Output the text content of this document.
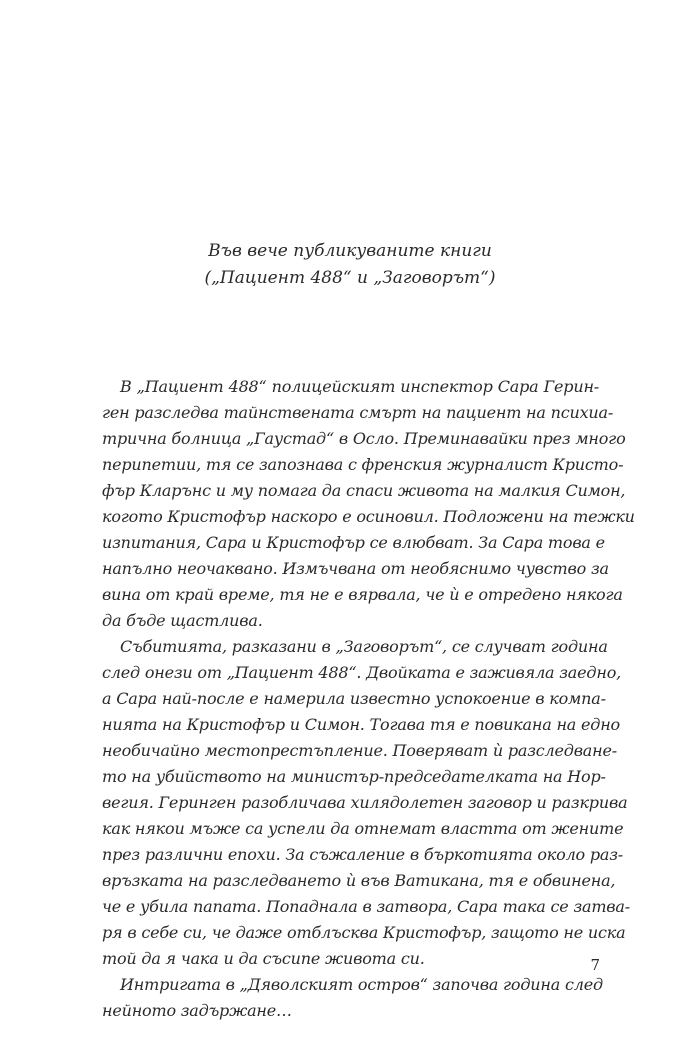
Във вече публикуваните книги
(„Пациент 488“ и „Заговорът“)
В „Пациент 488“ полицейският инспектор Сара Герин-
ген разследва тайнствената смърт на пациент на психиа-
трична болница „Гаустад“ в Осло. Преминавайки през много
перипетии, тя се запознава с френския журналист Кристо-
фър Кларънс и му помага да спаси живота на малкия Симон,
когото Кристофър наскоро е осиновил. Подложени на тежки
изпитания, Сара и Кристофър се влюбват. За Сара това е
напълно неочаквано. Измъчвана от необяснимо чувство за
вина от край време, тя не е вярвала, че ѝ е отредено някога
да бъде щастлива.
Събитията, разказани в „Заговорът“, се случват година
след онези от „Пациент 488“. Двойката е заживяла заедно,
а Сара най-после е намерила известно успокоение в компа-
нията на Кристофър и Симон. Тогава тя е повикана на едно
необичайно местопрестъпление. Поверяват ѝ разследване-
то на убийството на министър-председателката на Нор-
вегия. Геринген разобличава хилядолетен заговор и разкрива
как някои мъже са успели да отнемат властта от жените
през различни епохи. За съжаление в бъркотията около раз-
връзката на разследването ѝ във Ватикана, тя е обвинена,
че е убила папата. Попаднала в затвора, Сара така се затва-
ря в себе си, че даже отблъсква Кристофър, защото не иска
той да я чака и да съсипе живота си.
Интригата в „Дяволският остров“ започва година след
нейното задържане…
7
